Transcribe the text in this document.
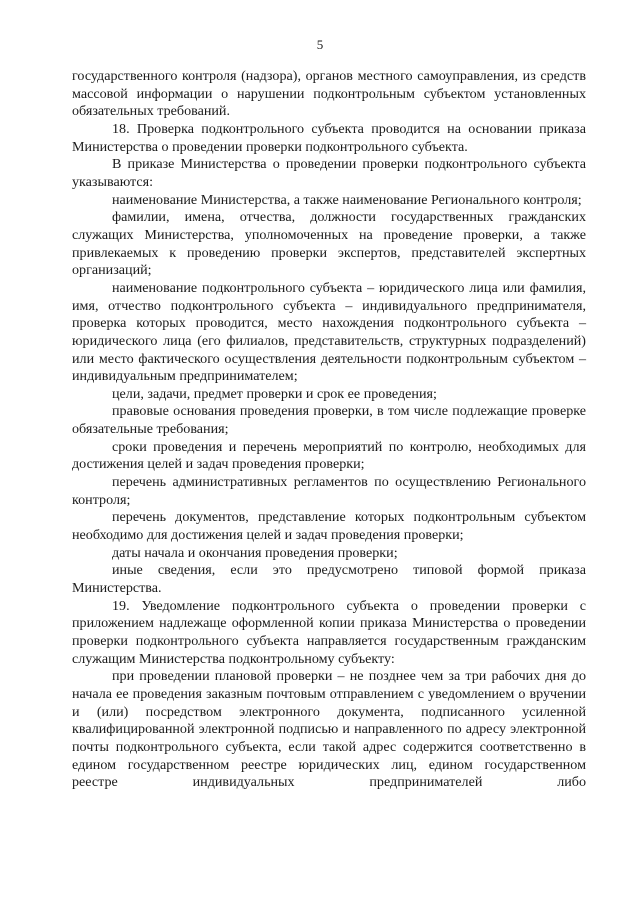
5

государственного контроля (надзора), органов местного самоуправления, из средств массовой информации о нарушении подконтрольным субъектом установленных обязательных требований.

18. Проверка подконтрольного субъекта проводится на основании приказа Министерства о проведении проверки подконтрольного субъекта.

В приказе Министерства о проведении проверки подконтрольного субъекта указываются:

наименование Министерства, а также наименование Регионального контроля;

фамилии, имена, отчества, должности государственных гражданских служащих Министерства, уполномоченных на проведение проверки, а также привлекаемых к проведению проверки экспертов, представителей экспертных организаций;

наименование подконтрольного субъекта – юридического лица или фамилия, имя, отчество подконтрольного субъекта – индивидуального предпринимателя, проверка которых проводится, место нахождения подконтрольного субъекта – юридического лица (его филиалов, представительств, структурных подразделений) или место фактического осуществления деятельности подконтрольным субъектом – индивидуальным предпринимателем;

цели, задачи, предмет проверки и срок ее проведения;

правовые основания проведения проверки, в том числе подлежащие проверке обязательные требования;

сроки проведения и перечень мероприятий по контролю, необходимых для достижения целей и задач проведения проверки;

перечень административных регламентов по осуществлению Регионального контроля;

перечень документов, представление которых подконтрольным субъектом необходимо для достижения целей и задач проведения проверки;

даты начала и окончания проведения проверки;

иные сведения, если это предусмотрено типовой формой приказа Министерства.

19. Уведомление подконтрольного субъекта о проведении проверки с приложением надлежаще оформленной копии приказа Министерства о проведении проверки подконтрольного субъекта направляется государственным гражданским служащим Министерства подконтрольному субъекту:

при проведении плановой проверки – не позднее чем за три рабочих дня до начала ее проведения заказным почтовым отправлением с уведомлением о вручении и (или) посредством электронного документа, подписанного усиленной квалифицированной электронной подписью и направленного по адресу электронной почты подконтрольного субъекта, если такой адрес содержится соответственно в едином государственном реестре юридических лиц, едином государственном реестре индивидуальных предпринимателей либо
